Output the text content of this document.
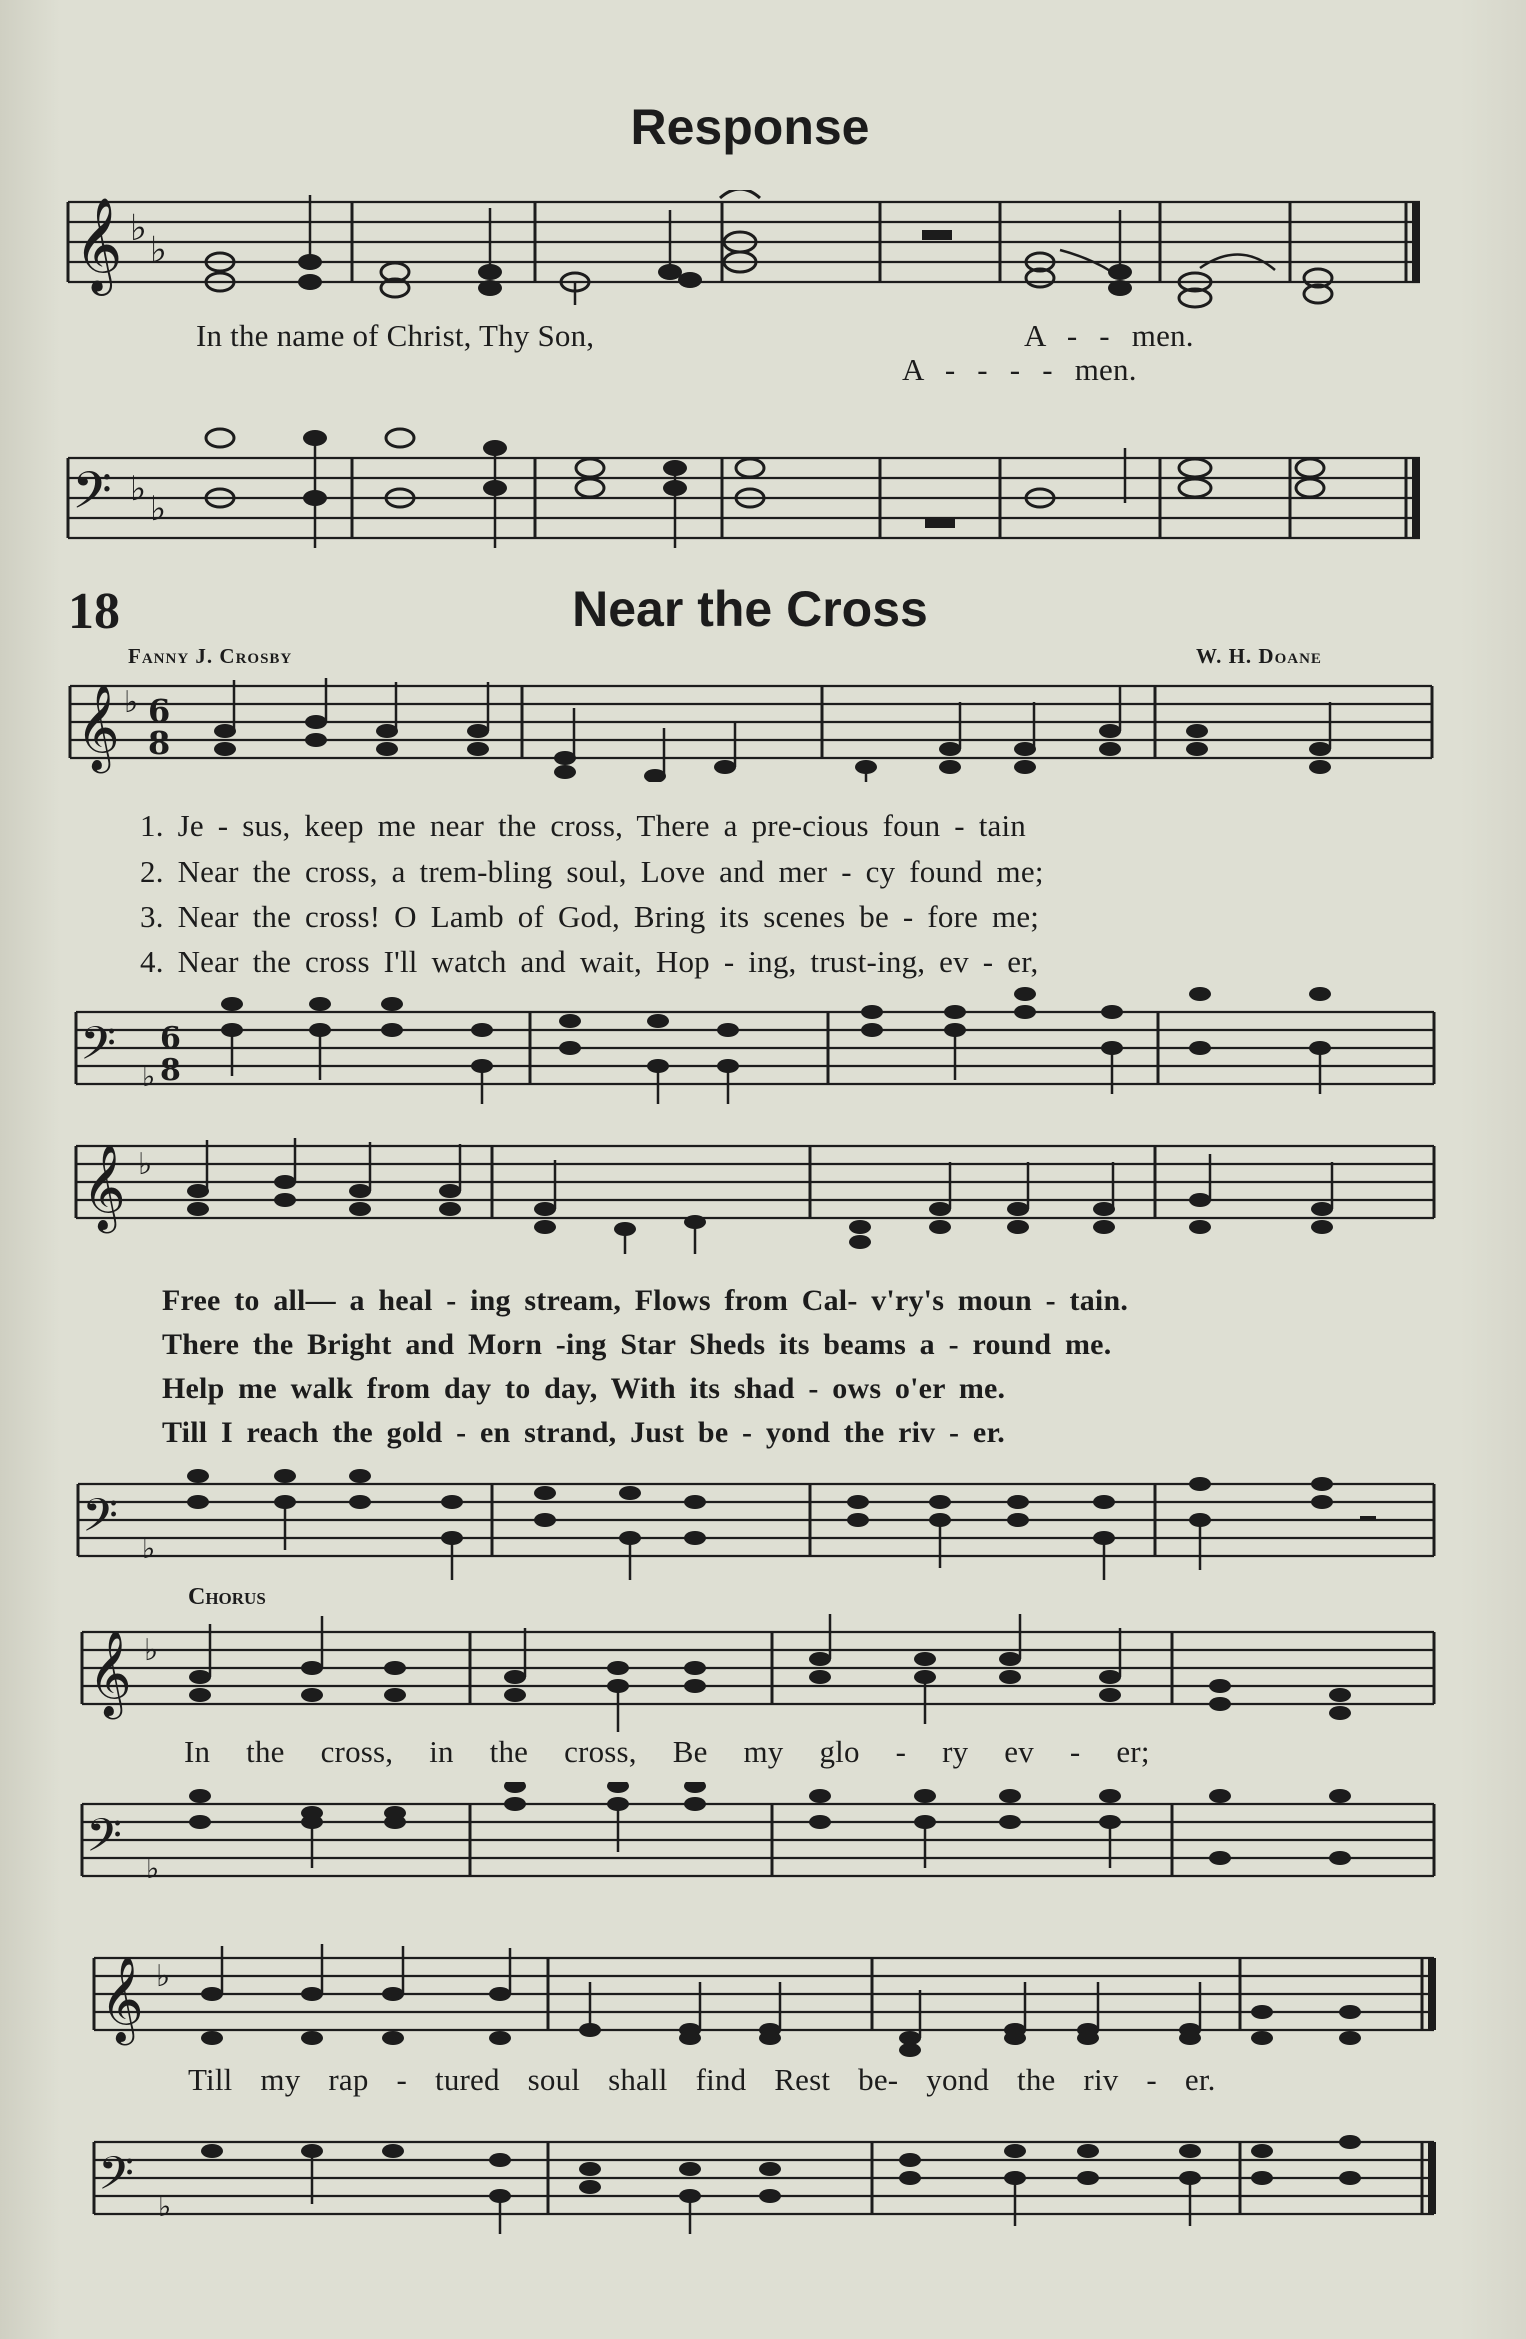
Response
𝄞 ♭
♭
In the name of Christ, Thy Son,	A - - men.
A - - - - men.
𝄢 ♭ ♭
18	Near the Cross
Fanny J. Crosby	W. H. Doane
𝄞 ♭ 6
8
1. Je - sus, keep me near the cross, There a pre-cious foun - tain
2. Near the cross, a trem-bling soul, Love and mer - cy found me;
3. Near the cross! O Lamb of God, Bring its scenes be - fore me;
4. Near the cross I'll watch and wait, Hop - ing, trust-ing, ev - er,
𝄢 ♭
6
8
𝄞 ♭
Free to all— a heal - ing stream, Flows from Cal- v'ry's moun - tain.
There the Bright and Morn -ing Star Sheds its beams a - round me.
Help me walk from day to day, With its shad - ows o'er me.
Till I reach the gold - en strand, Just be - yond the riv - er.
𝄢 ♭
Chorus
𝄞 ♭
In the cross, in the cross, Be my glo - ry ev - er;
𝄢 ♭
𝄞 ♭
Till my rap - tured soul shall find Rest be- yond the riv - er.
𝄢 ♭
